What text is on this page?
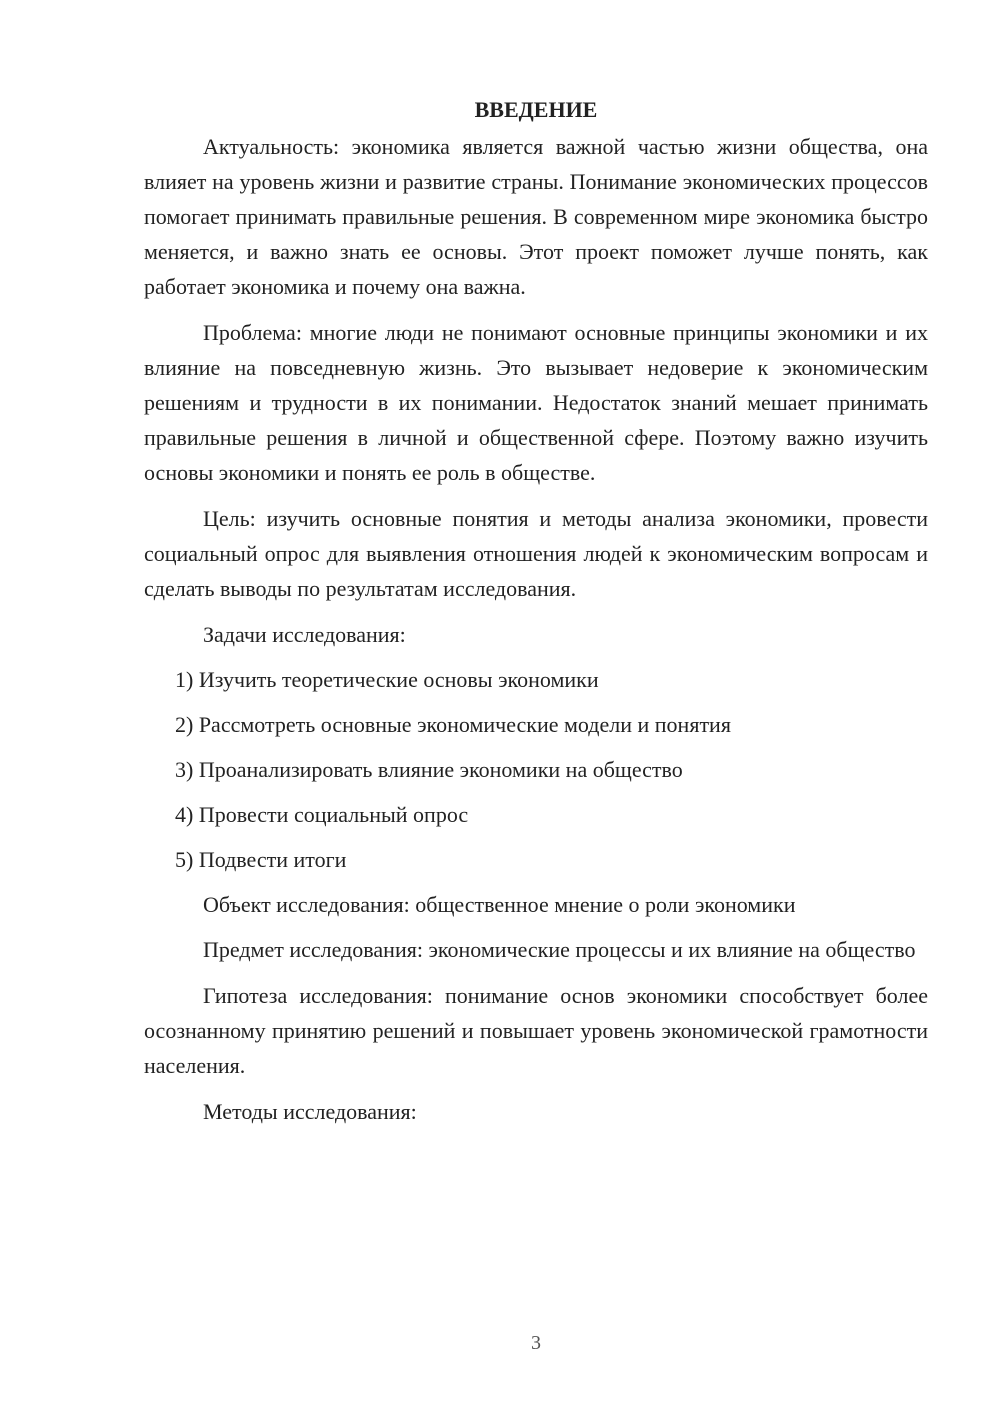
ВВЕДЕНИЕ

Актуальность: экономика является важной частью жизни общества, она влияет на уровень жизни и развитие страны. Понимание экономических процессов помогает принимать правильные решения. В современном мире экономика быстро меняется, и важно знать ее основы. Этот проект поможет лучше понять, как работает экономика и почему она важна.

Проблема: многие люди не понимают основные принципы экономики и их влияние на повседневную жизнь. Это вызывает недоверие к экономическим решениям и трудности в их понимании. Недостаток знаний мешает принимать правильные решения в личной и общественной сфере. Поэтому важно изучить основы экономики и понять ее роль в обществе.

Цель: изучить основные понятия и методы анализа экономики, провести социальный опрос для выявления отношения людей к экономическим вопросам и сделать выводы по результатам исследования.

Задачи исследования:

1) Изучить теоретические основы экономики
2) Рассмотреть основные экономические модели и понятия
3) Проанализировать влияние экономики на общество
4) Провести социальный опрос
5) Подвести итоги

Объект исследования: общественное мнение о роли экономики

Предмет исследования: экономические процессы и их влияние на общество

Гипотеза исследования: понимание основ экономики способствует более осознанному принятию решений и повышает уровень экономической грамотности населения.

Методы исследования:

3
